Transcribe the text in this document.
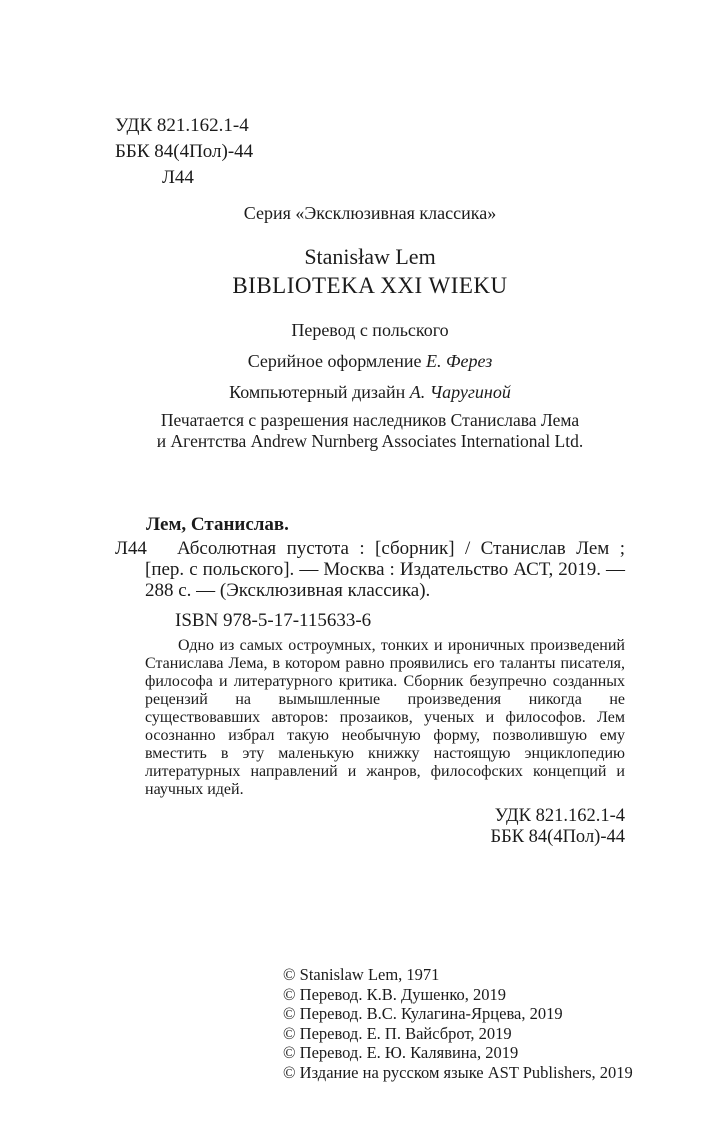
УДК 821.162.1-4
ББК 84(4Пол)-44
Л44
Серия «Эксклюзивная классика»
Stanisław Lem
BIBLIOTEKA XXI WIEKU
Перевод с польского
Серийное оформление Е. Ферез
Компьютерный дизайн А. Чаругиной
Печатается с разрешения наследников Станислава Лема
и Агентства Andrew Nurnberg Associates International Ltd.
Лем, Станислав.
Л44	Абсолютная пустота : [сборник] / Станислав Лем ; [пер. с польского]. — Москва : Издательство АСТ, 2019. — 288 с. — (Эксклюзивная классика).

ISBN 978-5-17-115633-6

Одно из самых остроумных, тонких и ироничных произведений Станислава Лема, в котором равно проявились его таланты писателя, философа и литературного критика. Сборник безупречно созданных рецензий на вымышленные произведения никогда не существовавших авторов: прозаиков, ученых и философов. Лем осознанно избрал такую необычную форму, позволившую ему вместить в эту маленькую книжку настоящую энциклопедию литературных направлений и жанров, философских концепций и научных идей.

УДК 821.162.1-4
ББК 84(4Пол)-44
© Stanislaw Lem, 1971
© Перевод. К.В. Душенко, 2019
© Перевод. В.С. Кулагина-Ярцева, 2019
© Перевод. Е. П. Вайсброт, 2019
© Перевод. Е. Ю. Калявина, 2019
© Издание на русском языке AST Publishers, 2019
